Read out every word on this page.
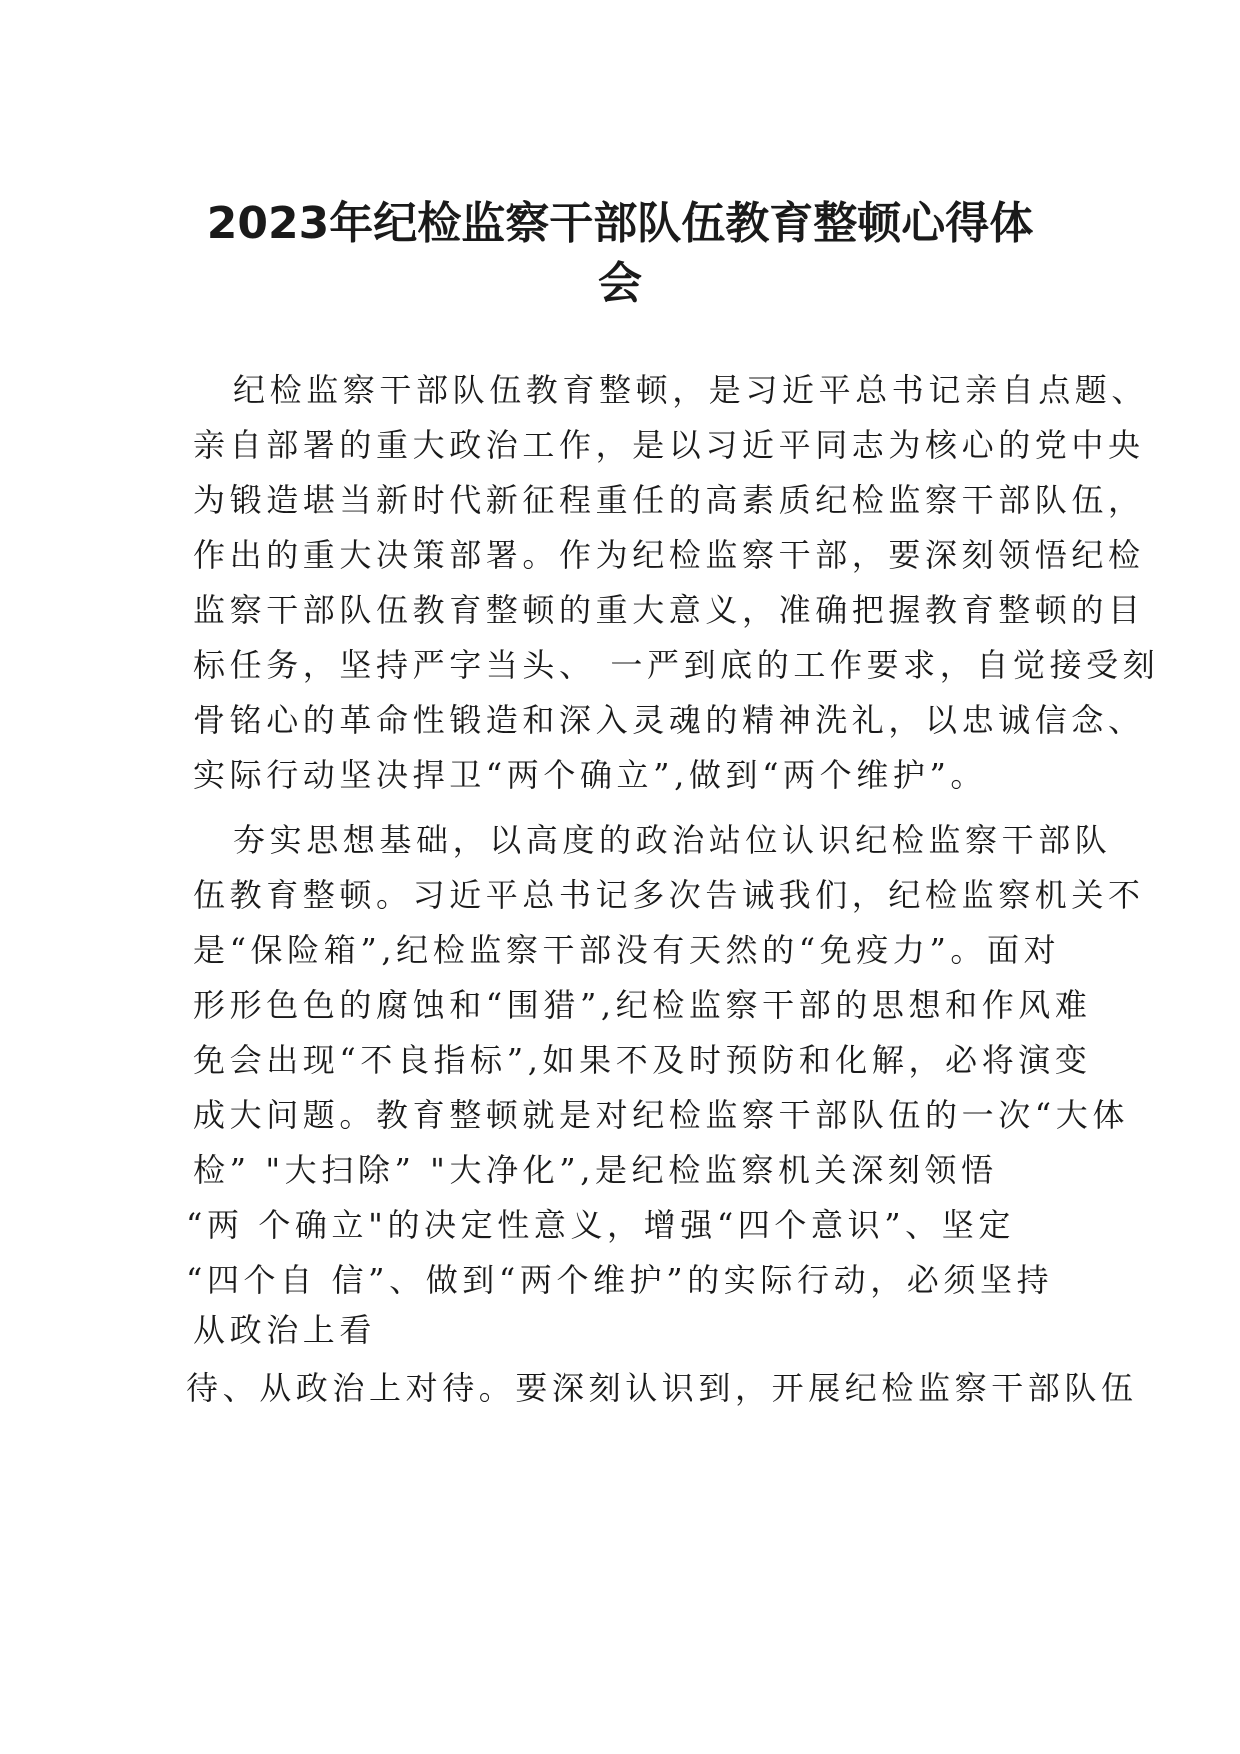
2023年纪检监察干部队伍教育整顿心得体
会

纪检监察干部队伍教育整顿，是习近平总书记亲自点题、

亲自部署的重大政治工作，是以习近平同志为核心的党中央

为锻造堪当新时代新征程重任的高素质纪检监察干部队伍，

作出的重大决策部署。作为纪检监察干部，要深刻领悟纪检

监察干部队伍教育整顿的重大意义，准确把握教育整顿的目

标任务，坚持严字当头、 一严到底的工作要求，自觉接受刻

骨铭心的革命性锻造和深入灵魂的精神洗礼，以忠诚信念、

实际行动坚决捍卫“两个确立”,做到“两个维护”。

夯实思想基础，以高度的政治站位认识纪检监察干部队

伍教育整顿。习近平总书记多次告诫我们，纪检监察机关不

是“保险箱”,纪检监察干部没有天然的“免疫力”。面对

形形色色的腐蚀和“围猎”,纪检监察干部的思想和作风难

免会出现“不良指标”,如果不及时预防和化解，必将演变

成大问题。教育整顿就是对纪检监察干部队伍的一次“大体

检” "大扫除” "大净化”,是纪检监察机关深刻领悟

“两 个确立"的决定性意义，增强“四个意识”、坚定

“四个自 信”、做到“两个维护”的实际行动，必须坚持

从政治上看

待、从政治上对待。要深刻认识到，开展纪检监察干部队伍
